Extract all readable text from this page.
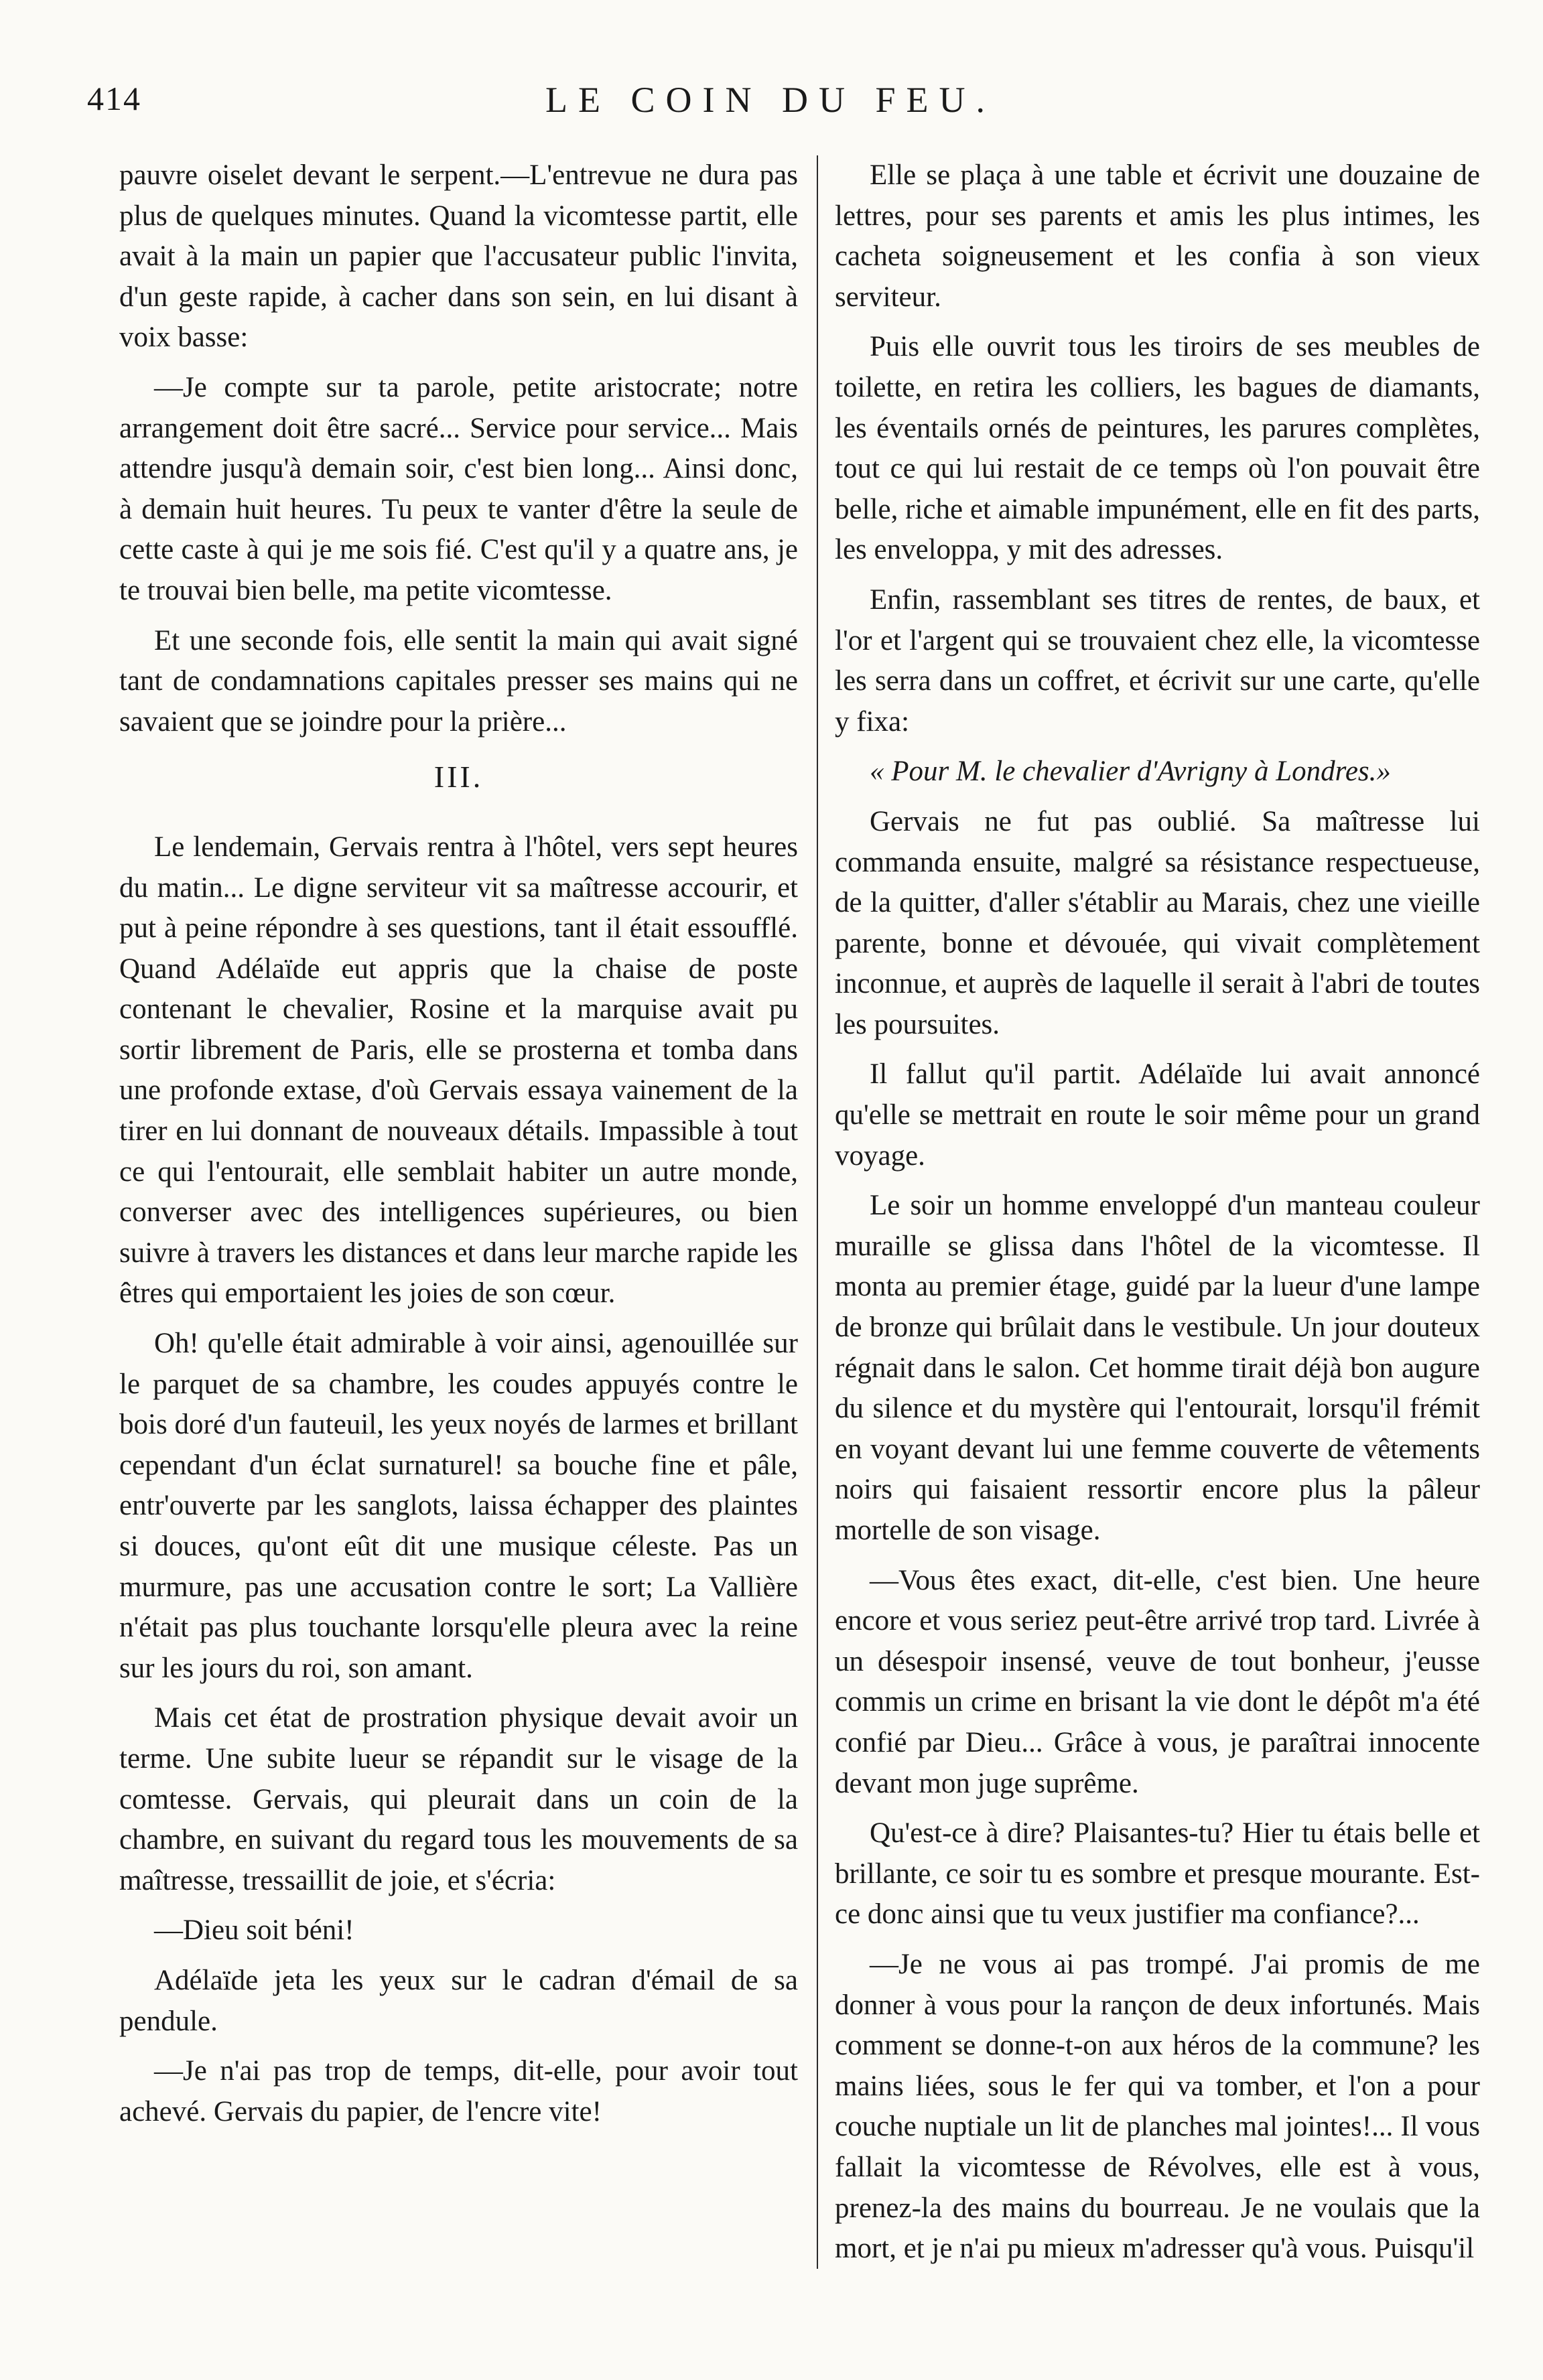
414	LE COIN DU FEU.

pauvre oiselet devant le serpent.—L'entrevue ne dura pas plus de quelques minutes. Quand la vicomtesse partit, elle avait à la main un papier que l'accusateur public l'invita, d'un geste rapide, à cacher dans son sein, en lui disant à voix basse:

—Je compte sur ta parole, petite aristocrate; notre arrangement doit être sacré... Service pour service... Mais attendre jusqu'à demain soir, c'est bien long... Ainsi donc, à demain huit heures. Tu peux te vanter d'être la seule de cette caste à qui je me sois fié. C'est qu'il y a quatre ans, je te trouvai bien belle, ma petite vicomtesse.

Et une seconde fois, elle sentit la main qui avait signé tant de condamnations capitales presser ses mains qui ne savaient que se joindre pour la prière...

III.

Le lendemain, Gervais rentra à l'hôtel, vers sept heures du matin... Le digne serviteur vit sa maîtresse accourir, et put à peine répondre à ses questions, tant il était essoufflé. Quand Adélaïde eut appris que la chaise de poste contenant le chevalier, Rosine et la marquise avait pu sortir librement de Paris, elle se prosterna et tomba dans une profonde extase, d'où Gervais essaya vainement de la tirer en lui donnant de nouveaux détails. Impassible à tout ce qui l'entourait, elle semblait habiter un autre monde, converser avec des intelligences supérieures, ou bien suivre à travers les distances et dans leur marche rapide les êtres qui emportaient les joies de son cœur.

Oh! qu'elle était admirable à voir ainsi, agenouillée sur le parquet de sa chambre, les coudes appuyés contre le bois doré d'un fauteuil, les yeux noyés de larmes et brillant cependant d'un éclat surnaturel! sa bouche fine et pâle, entr'ouverte par les sanglots, laissa échapper des plaintes si douces, qu'ont eût dit une musique céleste. Pas un murmure, pas une accusation contre le sort; La Vallière n'était pas plus touchante lorsqu'elle pleura avec la reine sur les jours du roi, son amant.

Mais cet état de prostration physique devait avoir un terme. Une subite lueur se répandit sur le visage de la comtesse. Gervais, qui pleurait dans un coin de la chambre, en suivant du regard tous les mouvements de sa maîtresse, tressaillit de joie, et s'écria:

—Dieu soit béni!

Adélaïde jeta les yeux sur le cadran d'émail de sa pendule.

—Je n'ai pas trop de temps, dit-elle, pour avoir tout achevé. Gervais du papier, de l'encre vite!

Elle se plaça à une table et écrivit une douzaine de lettres, pour ses parents et amis les plus intimes, les cacheta soigneusement et les confia à son vieux serviteur.

Puis elle ouvrit tous les tiroirs de ses meubles de toilette, en retira les colliers, les bagues de diamants, les éventails ornés de peintures, les parures complètes, tout ce qui lui restait de ce temps où l'on pouvait être belle, riche et aimable impunément, elle en fit des parts, les enveloppa, y mit des adresses.

Enfin, rassemblant ses titres de rentes, de baux, et l'or et l'argent qui se trouvaient chez elle, la vicomtesse les serra dans un coffret, et écrivit sur une carte, qu'elle y fixa:

« Pour M. le chevalier d'Avrigny à Londres.»

Gervais ne fut pas oublié. Sa maîtresse lui commanda ensuite, malgré sa résistance respectueuse, de la quitter, d'aller s'établir au Marais, chez une vieille parente, bonne et dévouée, qui vivait complètement inconnue, et auprès de laquelle il serait à l'abri de toutes les poursuites.

Il fallut qu'il partit. Adélaïde lui avait annoncé qu'elle se mettrait en route le soir même pour un grand voyage.

Le soir un homme enveloppé d'un manteau couleur muraille se glissa dans l'hôtel de la vicomtesse. Il monta au premier étage, guidé par la lueur d'une lampe de bronze qui brûlait dans le vestibule. Un jour douteux régnait dans le salon. Cet homme tirait déjà bon augure du silence et du mystère qui l'entourait, lorsqu'il frémit en voyant devant lui une femme couverte de vêtements noirs qui faisaient ressortir encore plus la pâleur mortelle de son visage.

—Vous êtes exact, dit-elle, c'est bien. Une heure encore et vous seriez peut-être arrivé trop tard. Livrée à un désespoir insensé, veuve de tout bonheur, j'eusse commis un crime en brisant la vie dont le dépôt m'a été confié par Dieu... Grâce à vous, je paraîtrai innocente devant mon juge suprême.

Qu'est-ce à dire? Plaisantes-tu? Hier tu étais belle et brillante, ce soir tu es sombre et presque mourante. Est-ce donc ainsi que tu veux justifier ma confiance?...

—Je ne vous ai pas trompé. J'ai promis de me donner à vous pour la rançon de deux infortunés. Mais comment se donne-t-on aux héros de la commune? les mains liées, sous le fer qui va tomber, et l'on a pour couche nuptiale un lit de planches mal jointes!... Il vous fallait la vicomtesse de Révolves, elle est à vous, prenez-la des mains du bourreau. Je ne voulais que la mort, et je n'ai pu mieux m'adresser qu'à vous. Puisqu'il
